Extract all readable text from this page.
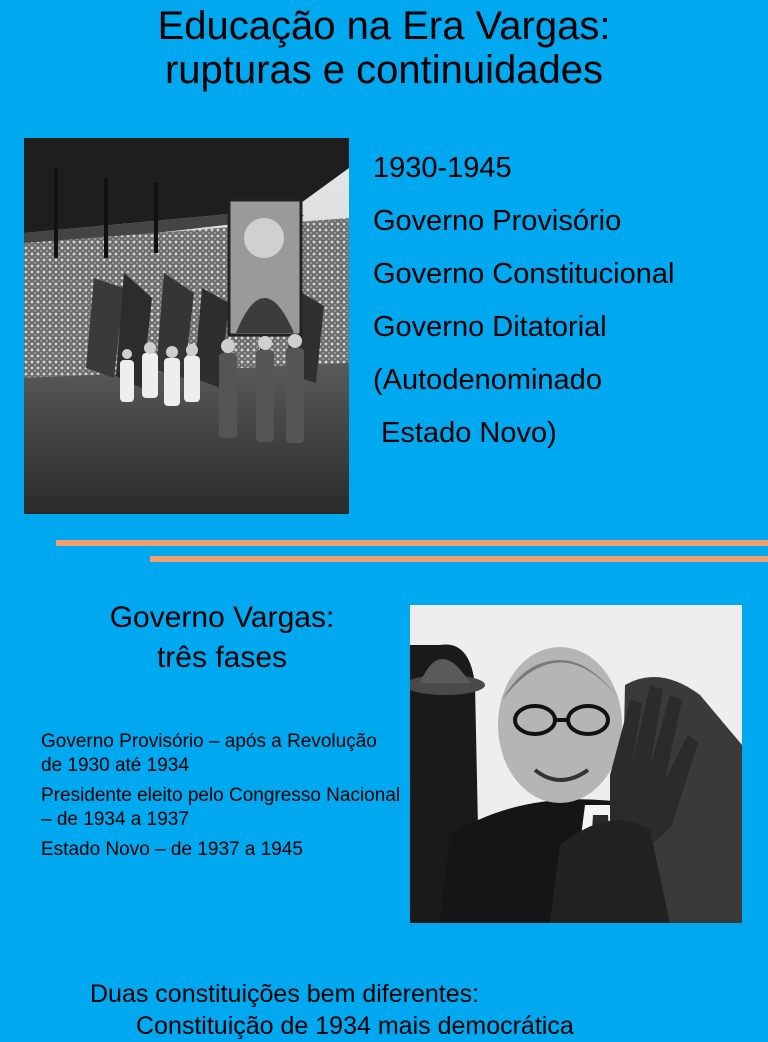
Educação na Era Vargas:
rupturas e continuidades
1930-1945
Governo Provisório
Governo Constitucional
Governo Ditatorial
(Autodenominado
Estado Novo)
Governo Vargas:
três fases
Governo Provisório – após a Revolução de 1930 até 1934
Presidente eleito pelo Congresso Nacional – de 1934 a 1937
Estado Novo – de 1937 a 1945
Duas constituições bem diferentes:
Constituição de 1934 mais democrática
